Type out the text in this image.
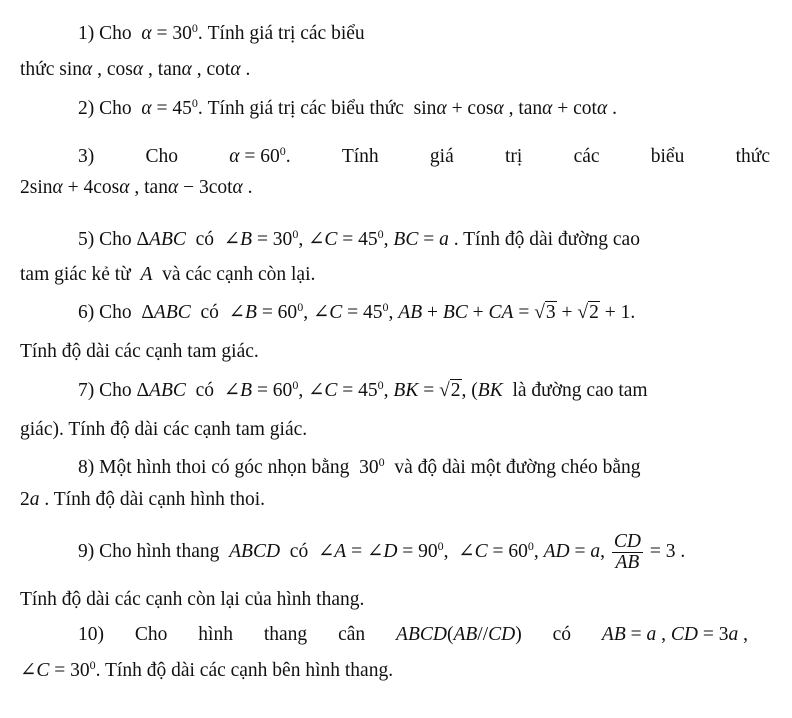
1) Cho  $\alpha = 30^0$. Tính giá trị các biểu
thức sinα , cosα , tanα , cotα .
2) Cho  $\alpha = 45^0$. Tính giá trị các biểu thức  sinα + cosα , tanα + cotα .
3)	Cho	$\alpha = 60^0$.	Tính	giá	trị	các	biểu	thức
2sinα + 4cosα , tanα − 3cotα .
5) Cho ΔABC  có  ∠B = $30^0$, ∠C = $45^0$, BC = a . Tính độ dài đường cao
tam giác kẻ từ  A  và các cạnh còn lại.
6) Cho  ΔABC  có  ∠B = $60^0$, ∠C = $45^0$, AB + BC + CA = √3 + √2 + 1.
Tính độ dài các cạnh tam giác.
7) Cho ΔABC  có  ∠B = $60^0$, ∠C = $45^0$, BK = √2, (BK  là đường cao tam
giác). Tính độ dài các cạnh tam giác.
8) Một hình thoi có góc nhọn bằng  $30^0$  và độ dài một đường chéo bằng
2a . Tính độ dài cạnh hình thoi.
9) Cho hình thang  ABCD  có  ∠A = ∠D = $90^0$,  ∠C = $60^0$, AD = a, $\frac{CD}{AB} = 3$ .
Tính độ dài các cạnh còn lại của hình thang.
10) Cho hình thang cân ABCD(AB//CD) có AB = a , CD = 3a ,
∠C = $30^0$. Tính độ dài các cạnh bên hình thang.
